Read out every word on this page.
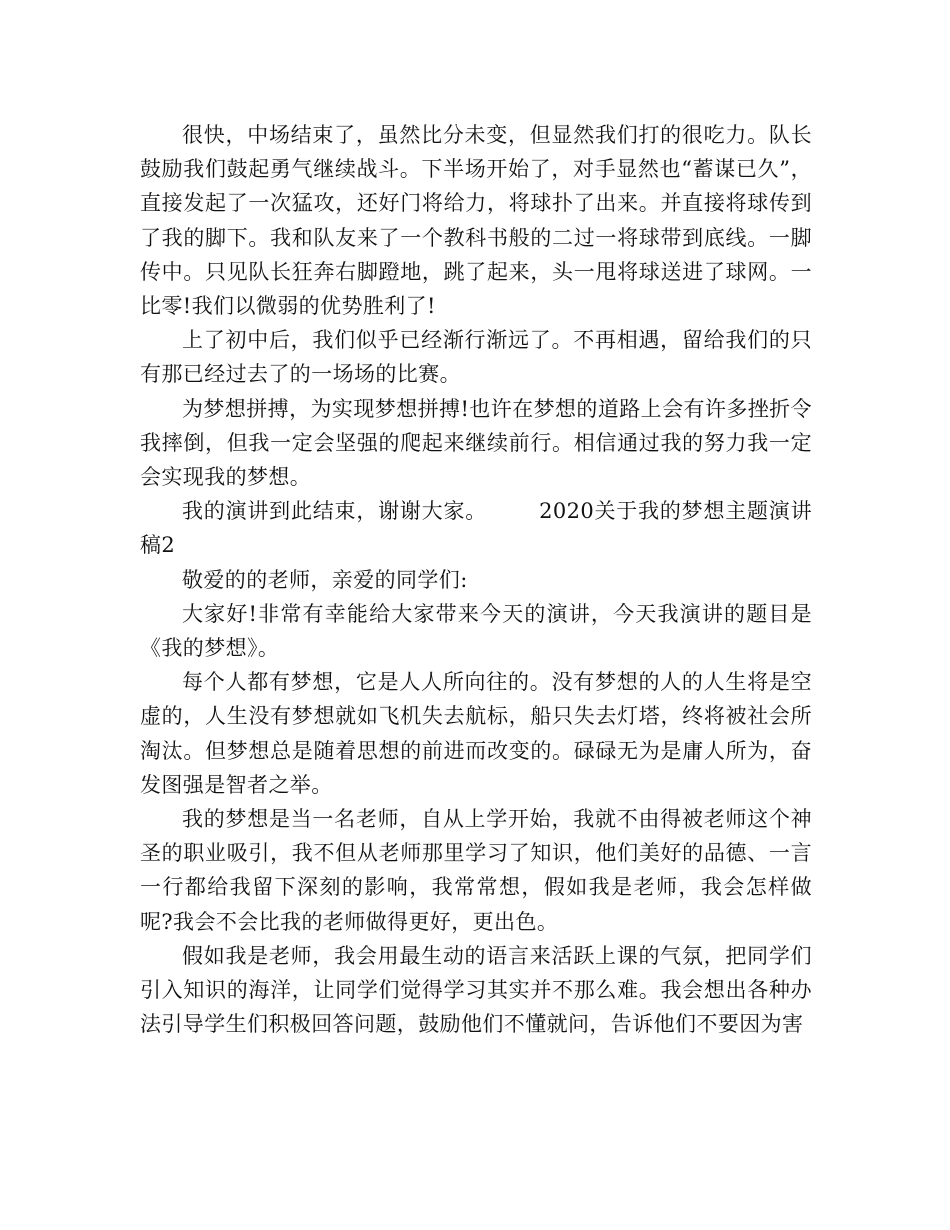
很快，中场结束了，虽然比分未变，但显然我们打的很吃力。队长鼓励我们鼓起勇气继续战斗。下半场开始了，对手显然也“蓄谋已久”，直接发起了一次猛攻，还好门将给力，将球扑了出来。并直接将球传到了我的脚下。我和队友来了一个教科书般的二过一将球带到底线。一脚传中。只见队长狂奔右脚蹬地，跳了起来，头一甩将球送进了球网。一比零!我们以微弱的优势胜利了!

上了初中后，我们似乎已经渐行渐远了。不再相遇，留给我们的只有那已经过去了的一场场的比赛。

为梦想拼搏，为实现梦想拼搏!也许在梦想的道路上会有许多挫折令我摔倒，但我一定会坚强的爬起来继续前行。相信通过我的努力我一定会实现我的梦想。

我的演讲到此结束，谢谢大家。 2020关于我的梦想主题演讲稿2

敬爱的的老师，亲爱的同学们:

大家好!非常有幸能给大家带来今天的演讲，今天我演讲的题目是《我的梦想》。

每个人都有梦想，它是人人所向往的。没有梦想的人的人生将是空虚的，人生没有梦想就如飞机失去航标，船只失去灯塔，终将被社会所淘汰。但梦想总是随着思想的前进而改变的。碌碌无为是庸人所为，奋发图强是智者之举。

我的梦想是当一名老师，自从上学开始，我就不由得被老师这个神圣的职业吸引，我不但从老师那里学习了知识，他们美好的品德、一言一行都给我留下深刻的影响，我常常想，假如我是老师，我会怎样做呢?我会不会比我的老师做得更好，更出色。

假如我是老师，我会用最生动的语言来活跃上课的气氛，把同学们引入知识的海洋，让同学们觉得学习其实并不那么难。我会想出各种办法引导学生们积极回答问题，鼓励他们不懂就问，告诉他们不要因为害
